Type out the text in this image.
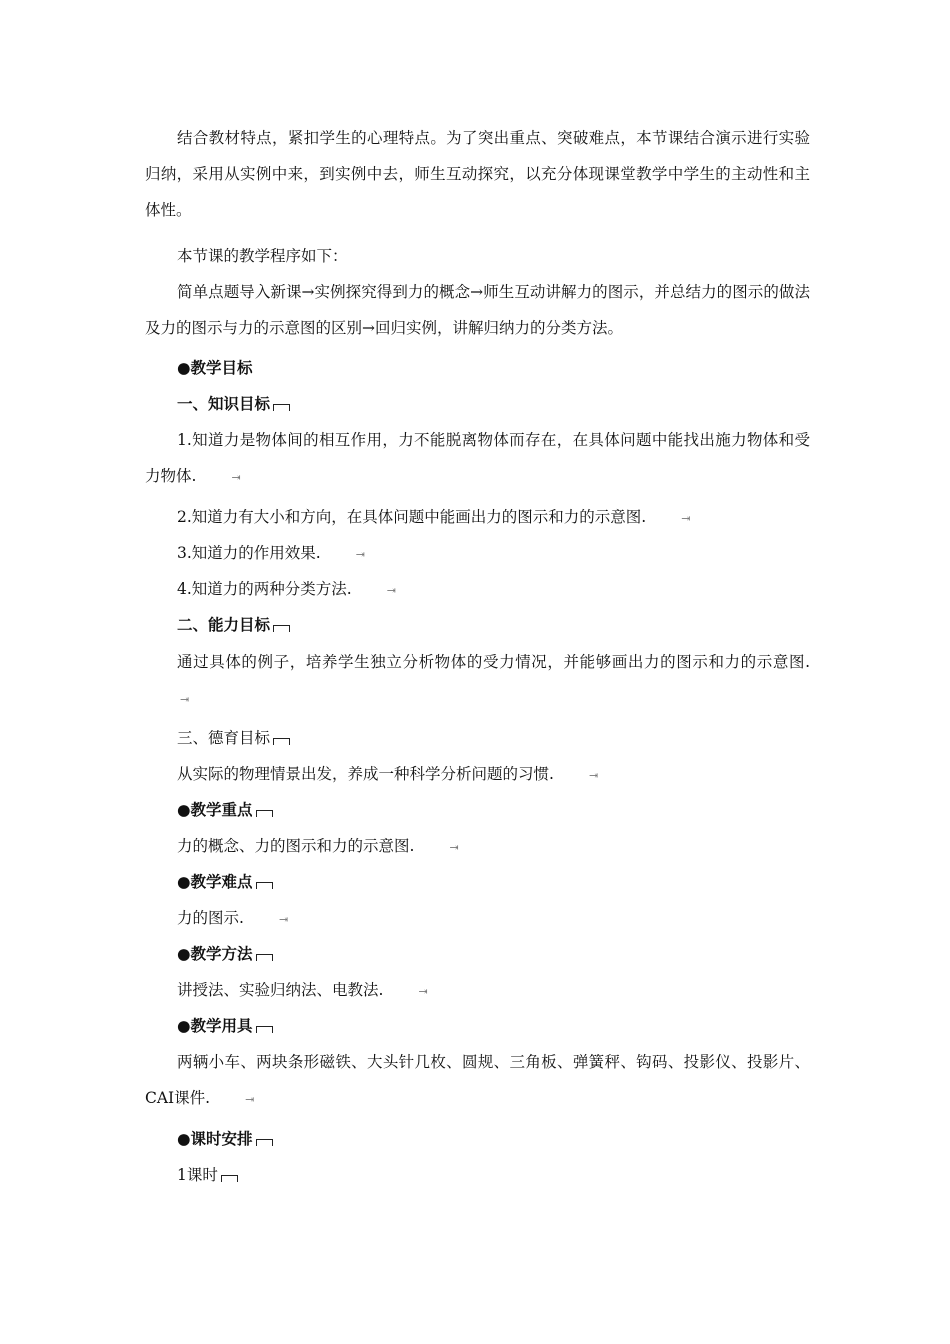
结合教材特点，紧扣学生的心理特点。为了突出重点、突破难点，本节课结合演示进行实验归纳，采用从实例中来，到实例中去，师生互动探究，以充分体现课堂教学中学生的主动性和主体性。

本节课的教学程序如下：

简单点题导入新课→实例探究得到力的概念→师生互动讲解力的图示，并总结力的图示的做法及力的图示与力的示意图的区别→回归实例，讲解归纳力的分类方法。

●教学目标

一、知识目标

1.知道力是物体间的相互作用，力不能脱离物体而存在，在具体问题中能找出施力物体和受力物体.	⇥

2.知道力有大小和方向，在具体问题中能画出力的图示和力的示意图.	⇥

3.知道力的作用效果.	⇥

4.知道力的两种分类方法.	⇥

二、能力目标

通过具体的例子，培养学生独立分析物体的受力情况，并能够画出力的图示和力的示意图.⇥

三、德育目标

从实际的物理情景出发，养成一种科学分析问题的习惯.	⇥

●教学重点

力的概念、力的图示和力的示意图.	⇥

●教学难点

力的图示.	⇥

●教学方法

讲授法、实验归纳法、电教法.	⇥

●教学用具

两辆小车、两块条形磁铁、大头针几枚、圆规、三角板、弹簧秤、钩码、投影仪、投影片、CAI课件.	⇥

●课时安排

1课时
